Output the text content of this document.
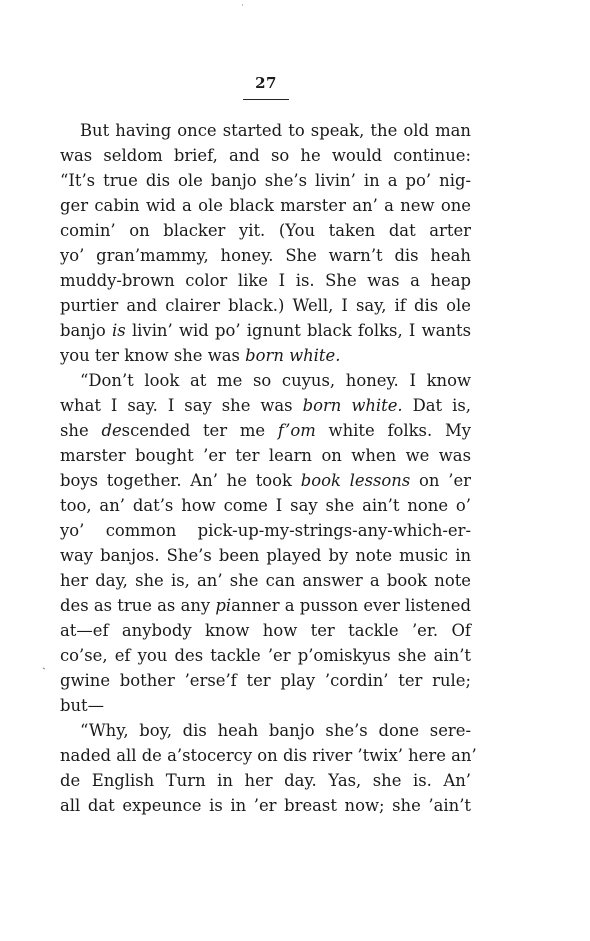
27
ˎ
But having once started to speak, the old man
was seldom brief, and so he would continue:
“It’s true dis ole banjo she’s livin’ in a po’ nig-
ger cabin wid a ole black marster an’ a new one
comin’ on blacker yit. (You taken dat arter
yo’ gran’mammy, honey. She warn’t dis heah
muddy-brown color like I is. She was a heap
purtier and clairer black.) Well, I say, if dis ole
banjo is livin’ wid po’ ignunt black folks, I wants
you ter know she was born white.
“Don’t look at me so cuyus, honey. I know
what I say. I say she was born white. Dat is,
she descended ter me f’om white folks. My
marster bought ’er ter learn on when we was
boys together. An’ he took book lessons on ’er
too, an’ dat’s how come I say she ain’t none o’
yo’ common pick-up-my-strings-any-which-er-
way banjos. She’s been played by note music in
her day, she is, an’ she can answer a book note
des as true as any pianner a pusson ever listened
at—ef anybody know how ter tackle ’er. Of
co’se, ef you des tackle ’er p’omiskyus she ain’t
gwine bother ’erse’f ter play ’cordin’ ter rule;
but—
“Why, boy, dis heah banjo she’s done sere-
naded all de a’stocercy on dis river ’twix’ here an’
de English Turn in her day. Yas, she is. An’
all dat expeunce is in ’er breast now; she ’ain’t
